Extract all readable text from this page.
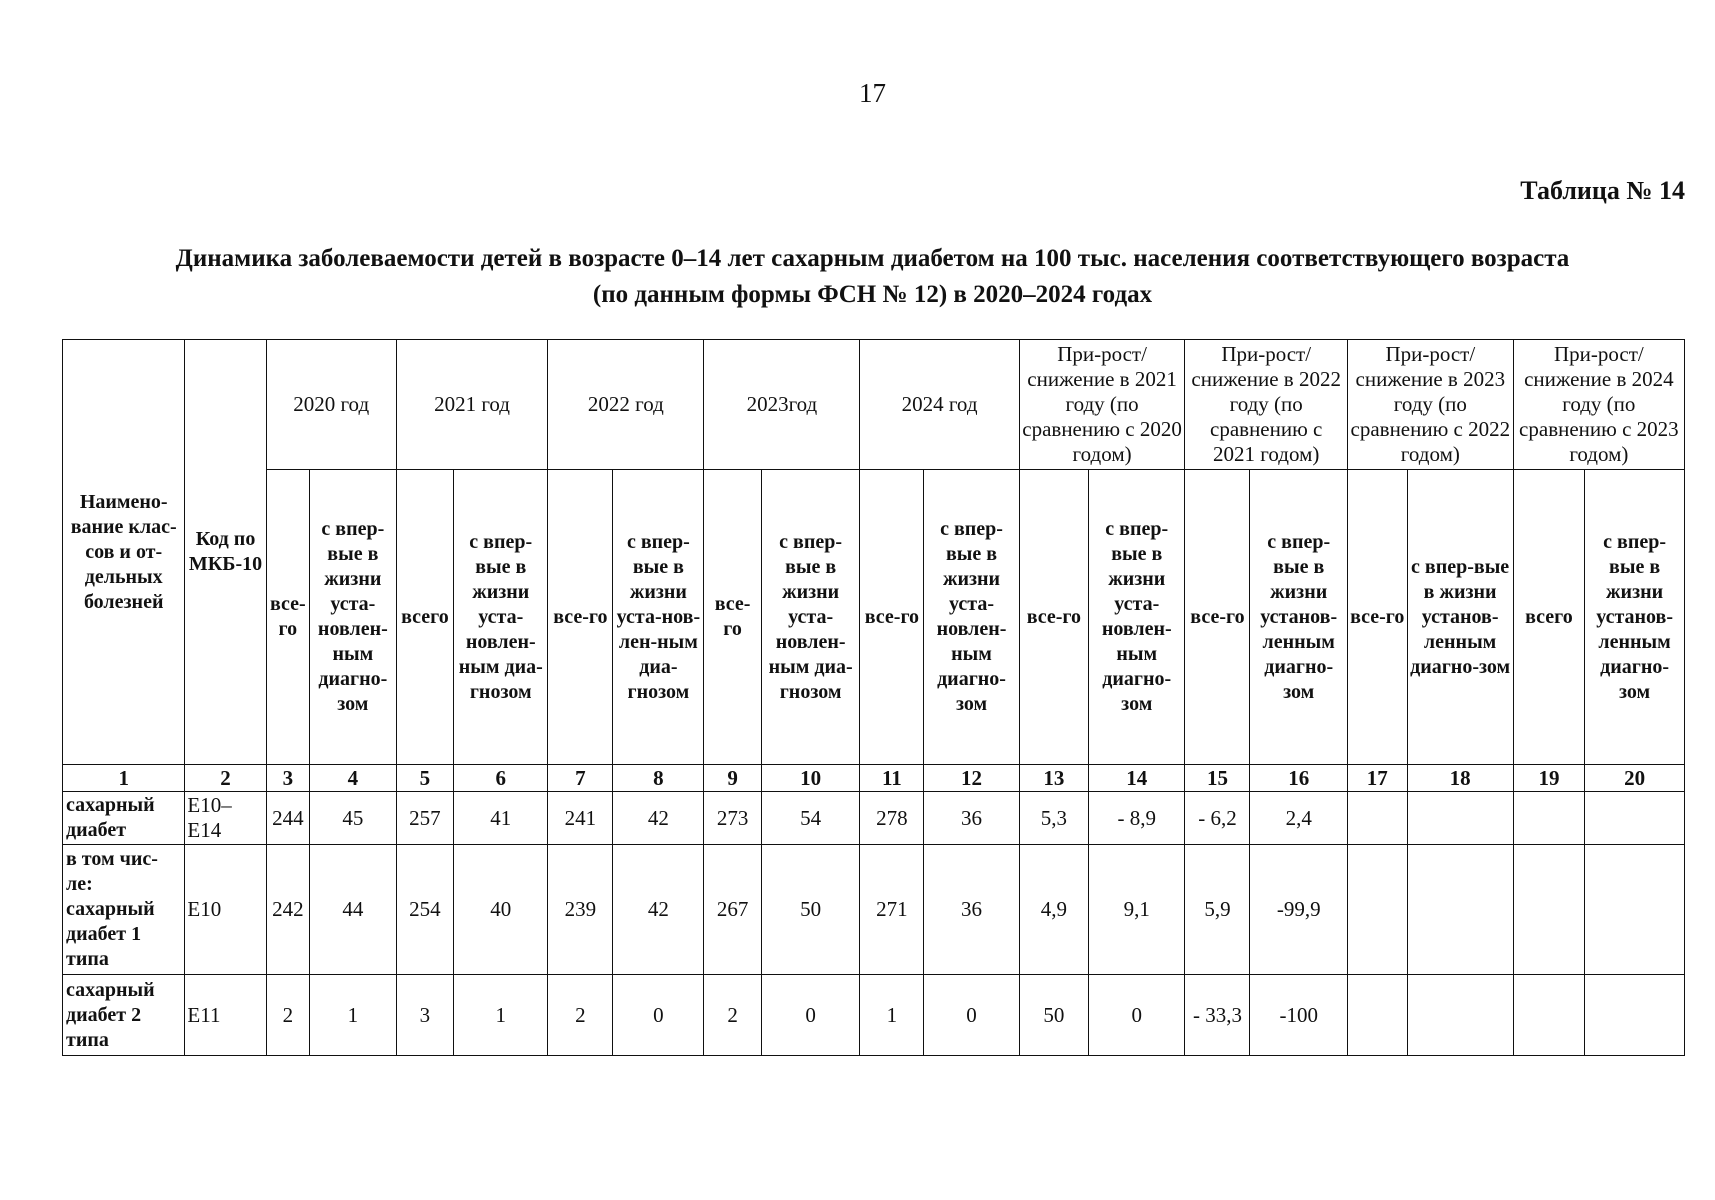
17
Таблица № 14
Динамика заболеваемости детей в возрасте 0–14 лет сахарным диабетом на 100 тыс. населения соответствующего возраста
(по данным формы ФСН № 12) в 2020–2024 годах
Наимено-вание клас-сов и от-дельных болезней	Код по МКБ-10	2020 год		2021 год		2022 год		2023год		2024 год		При-рост/снижение в 2021 году (по сравнению с 2020 годом)		При-рост/снижение в 2022 году (по сравнению с 2021 годом)		При-рост/снижение в 2023 году (по сравнению с 2022 годом)		При-рост/снижение в 2024 году (по сравнению с 2023 годом)	
		все-го	с впер-вые в жизни уста-новлен-ным диагно-зом	всего	с впер-вые в жизни уста-новлен-ным диа-гнозом	все-го	с впер-вые в жизни уста-нов-лен-ным диа-гнозом	все-го	с впер-вые в жизни уста-новлен-ным диа-гнозом	все-го	с впер-вые в жизни уста-новлен-ным диагно-зом	все-го	с впер-вые в жизни уста-новлен-ным диагно-зом	все-го	с впер-вые в жизни установ-ленным диагно-зом	все-го	с впер-вые в жизни установ-ленным диагно-зом	всего	с впер-вые в жизни установ-ленным диагно-зом
1	2	3	4	5	6	7	8	9	10	11	12	13	14	15	16	17	18	19	20
сахарный диабет	E10–E14	244	45	257	41	241	42	273	54	278	36	5,3	- 8,9	- 6,2	2,4				
в том чис-ле: сахарный диабет 1 типа	E10	242	44	254	40	239	42	267	50	271	36	4,9	9,1	5,9	-99,9				
сахарный диабет 2 типа	E11	2	1	3	1	2	0	2	0	1	0	50	0	- 33,3	-100				
